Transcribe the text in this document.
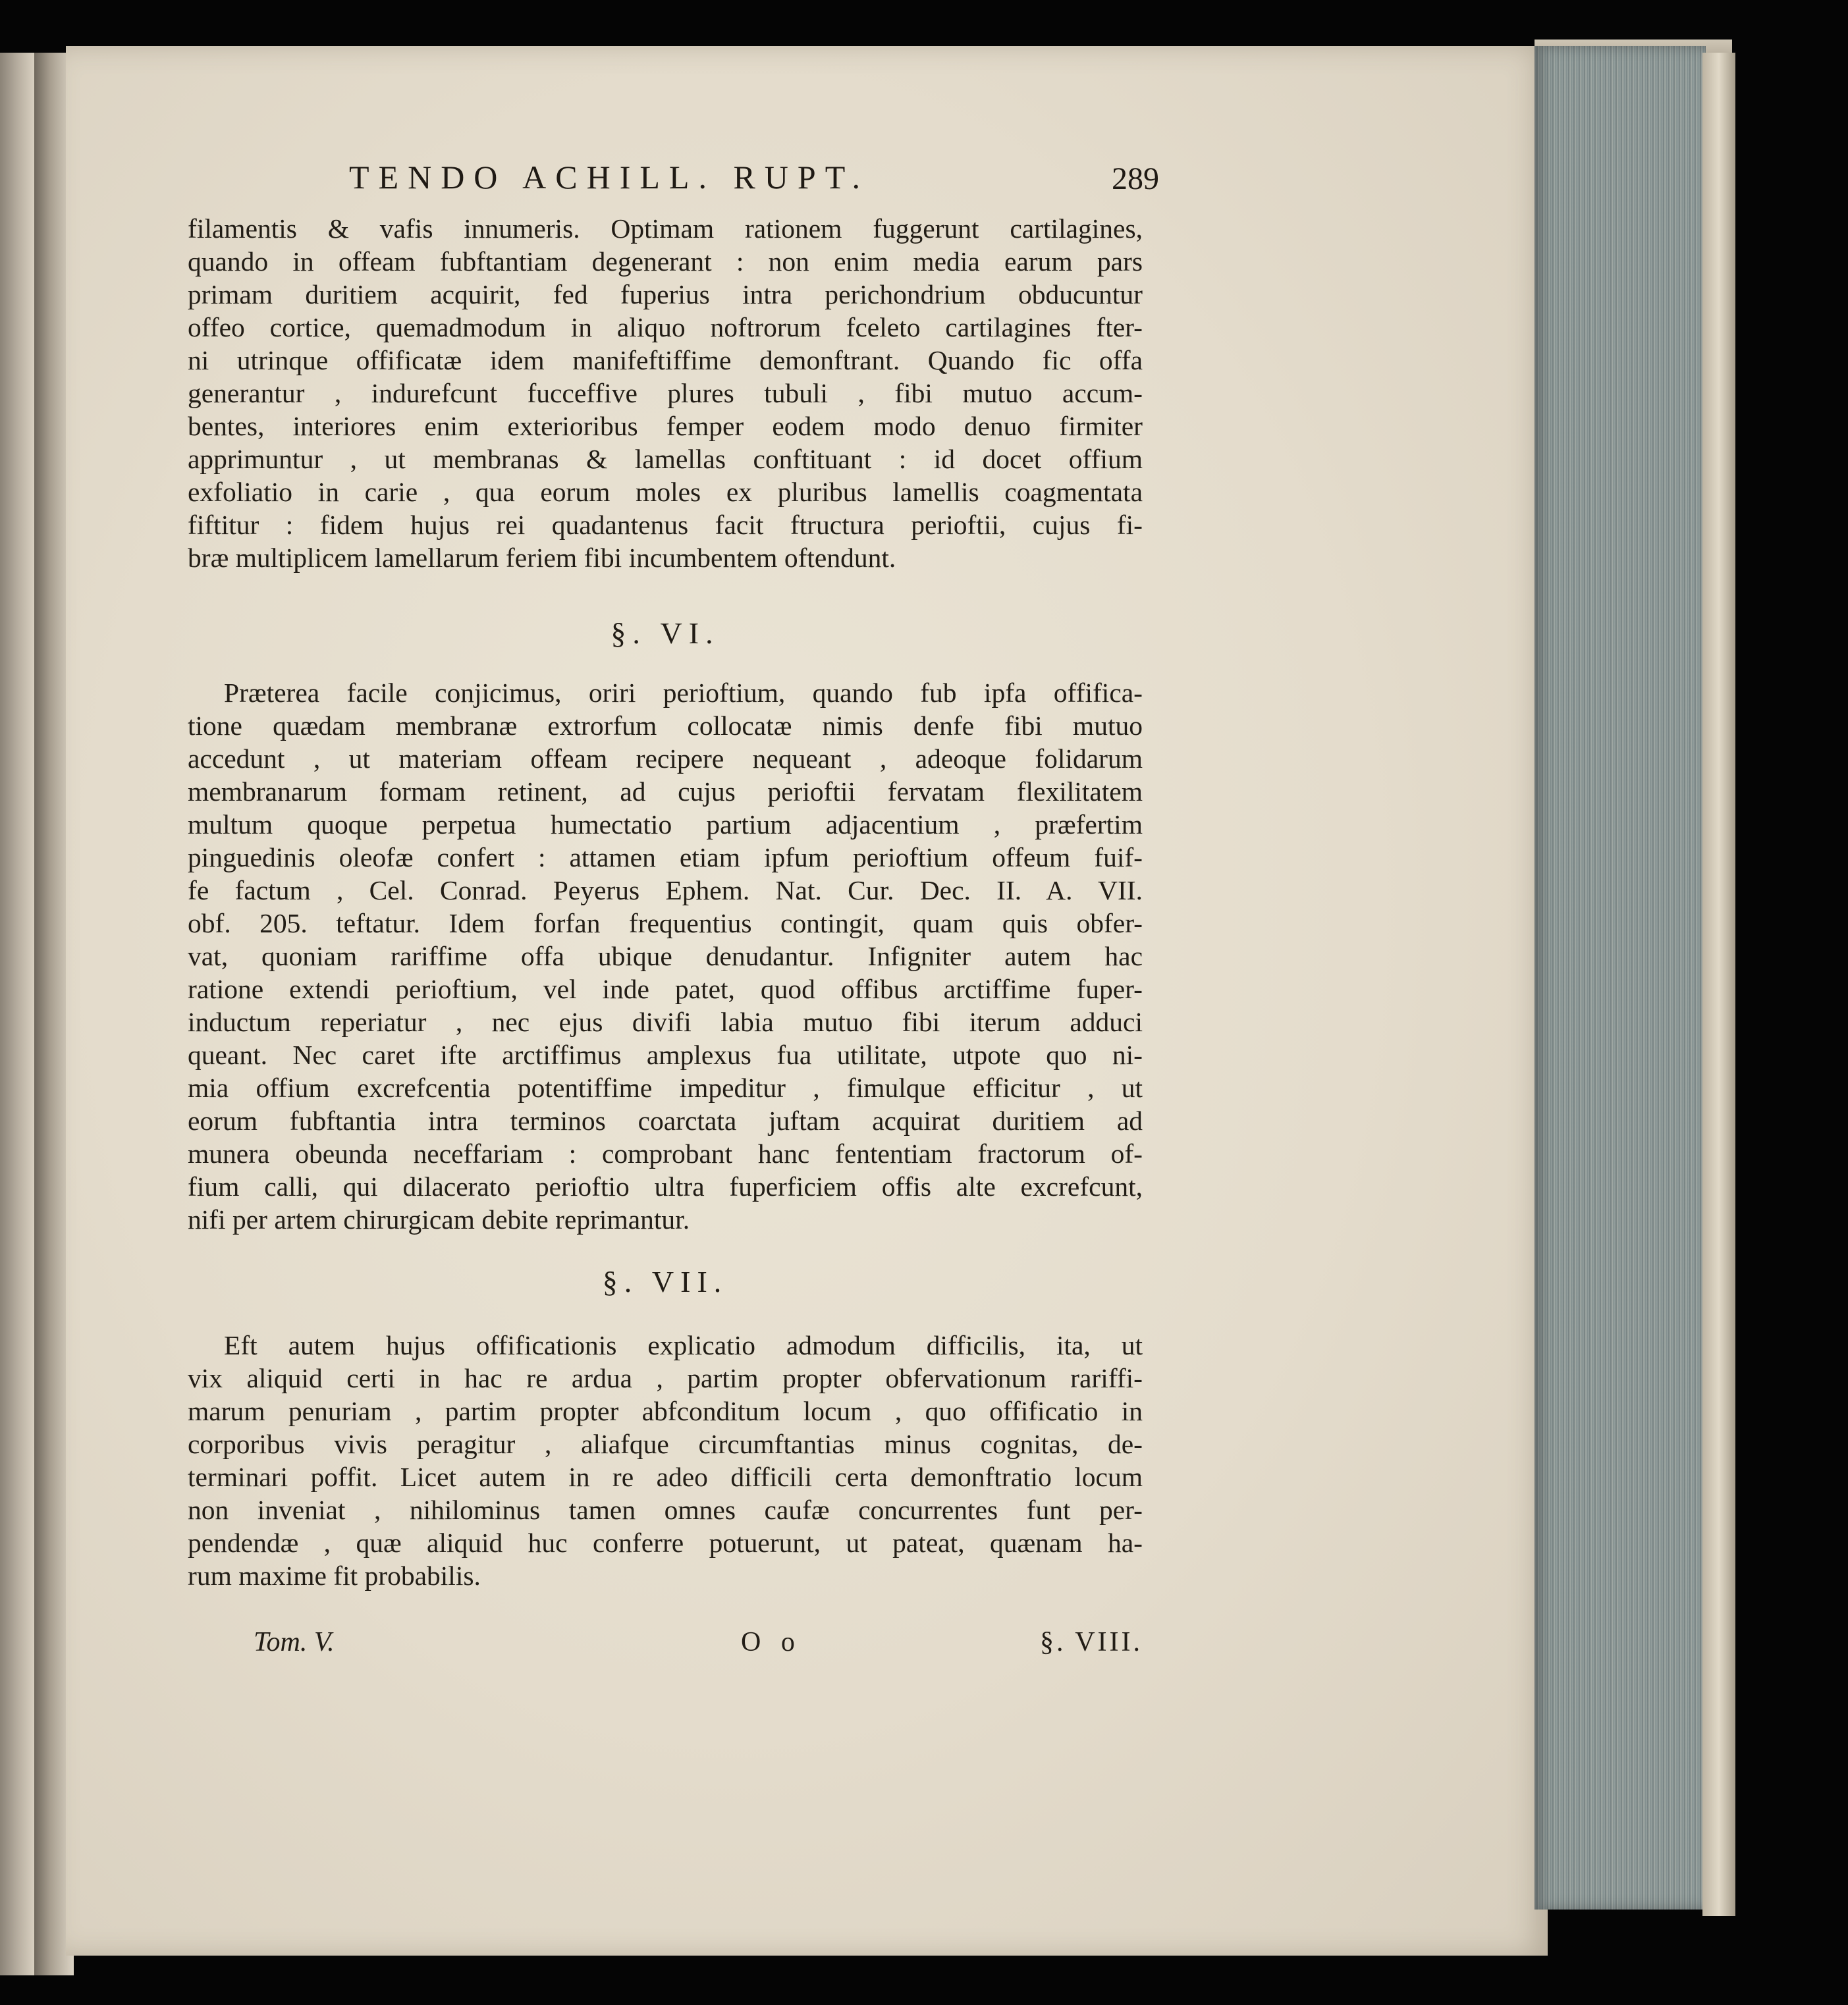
TENDO ACHILL. RUPT.	289
filamentis & vafis innumeris. Optimam rationem fuggerunt cartilagines,
quando in offeam fubftantiam degenerant : non enim media earum pars
primam duritiem acquirit, fed fuperius intra perichondrium obducuntur
offeo cortice, quemadmodum in aliquo noftrorum fceleto cartilagines fter-
ni utrinque offificatæ idem manifeftiffime demonftrant. Quando fic offa
generantur , indurefcunt fucceffive plures tubuli , fibi mutuo accum-
bentes, interiores enim exterioribus femper eodem modo denuo firmiter
apprimuntur , ut membranas & lamellas conftituant : id docet offium
exfoliatio in carie , qua eorum moles ex pluribus lamellis coagmentata
fiftitur : fidem hujus rei quadantenus facit ftructura perioftii, cujus fi-
bræ multiplicem lamellarum feriem fibi incumbentem oftendunt.
§. VI.
Præterea facile conjicimus, oriri perioftium, quando fub ipfa offifica-
tione quædam membranæ extrorfum collocatæ nimis denfe fibi mutuo
accedunt , ut materiam offeam recipere nequeant , adeoque folidarum
membranarum formam retinent, ad cujus perioftii fervatam flexilitatem
multum quoque perpetua humectatio partium adjacentium , præfertim
pinguedinis oleofæ confert : attamen etiam ipfum perioftium offeum fuif-
fe factum , Cel. Conrad. Peyerus Ephem. Nat. Cur. Dec. II. A. VII.
obf. 205. teftatur. Idem forfan frequentius contingit, quam quis obfer-
vat, quoniam rariffime offa ubique denudantur. Infigniter autem hac
ratione extendi perioftium, vel inde patet, quod offibus arctiffime fuper-
inductum reperiatur , nec ejus divifi labia mutuo fibi iterum adduci
queant. Nec caret ifte arctiffimus amplexus fua utilitate, utpote quo ni-
mia offium excrefcentia potentiffime impeditur , fimulque efficitur , ut
eorum fubftantia intra terminos coarctata juftam acquirat duritiem ad
munera obeunda neceffariam : comprobant hanc fententiam fractorum of-
fium calli, qui dilacerato perioftio ultra fuperficiem offis alte excrefcunt,
nifi per artem chirurgicam debite reprimantur.
§. VII.
Eft autem hujus offificationis explicatio admodum difficilis, ita, ut
vix aliquid certi in hac re ardua , partim propter obfervationum rariffi-
marum penuriam , partim propter abfconditum locum , quo offificatio in
corporibus vivis peragitur , aliafque circumftantias minus cognitas, de-
terminari poffit. Licet autem in re adeo difficili certa demonftratio locum
non inveniat , nihilominus tamen omnes caufæ concurrentes funt per-
pendendæ , quæ aliquid huc conferre potuerunt, ut pateat, quænam ha-
rum maxime fit probabilis.
Tom. V.	O o	§. VIII.
